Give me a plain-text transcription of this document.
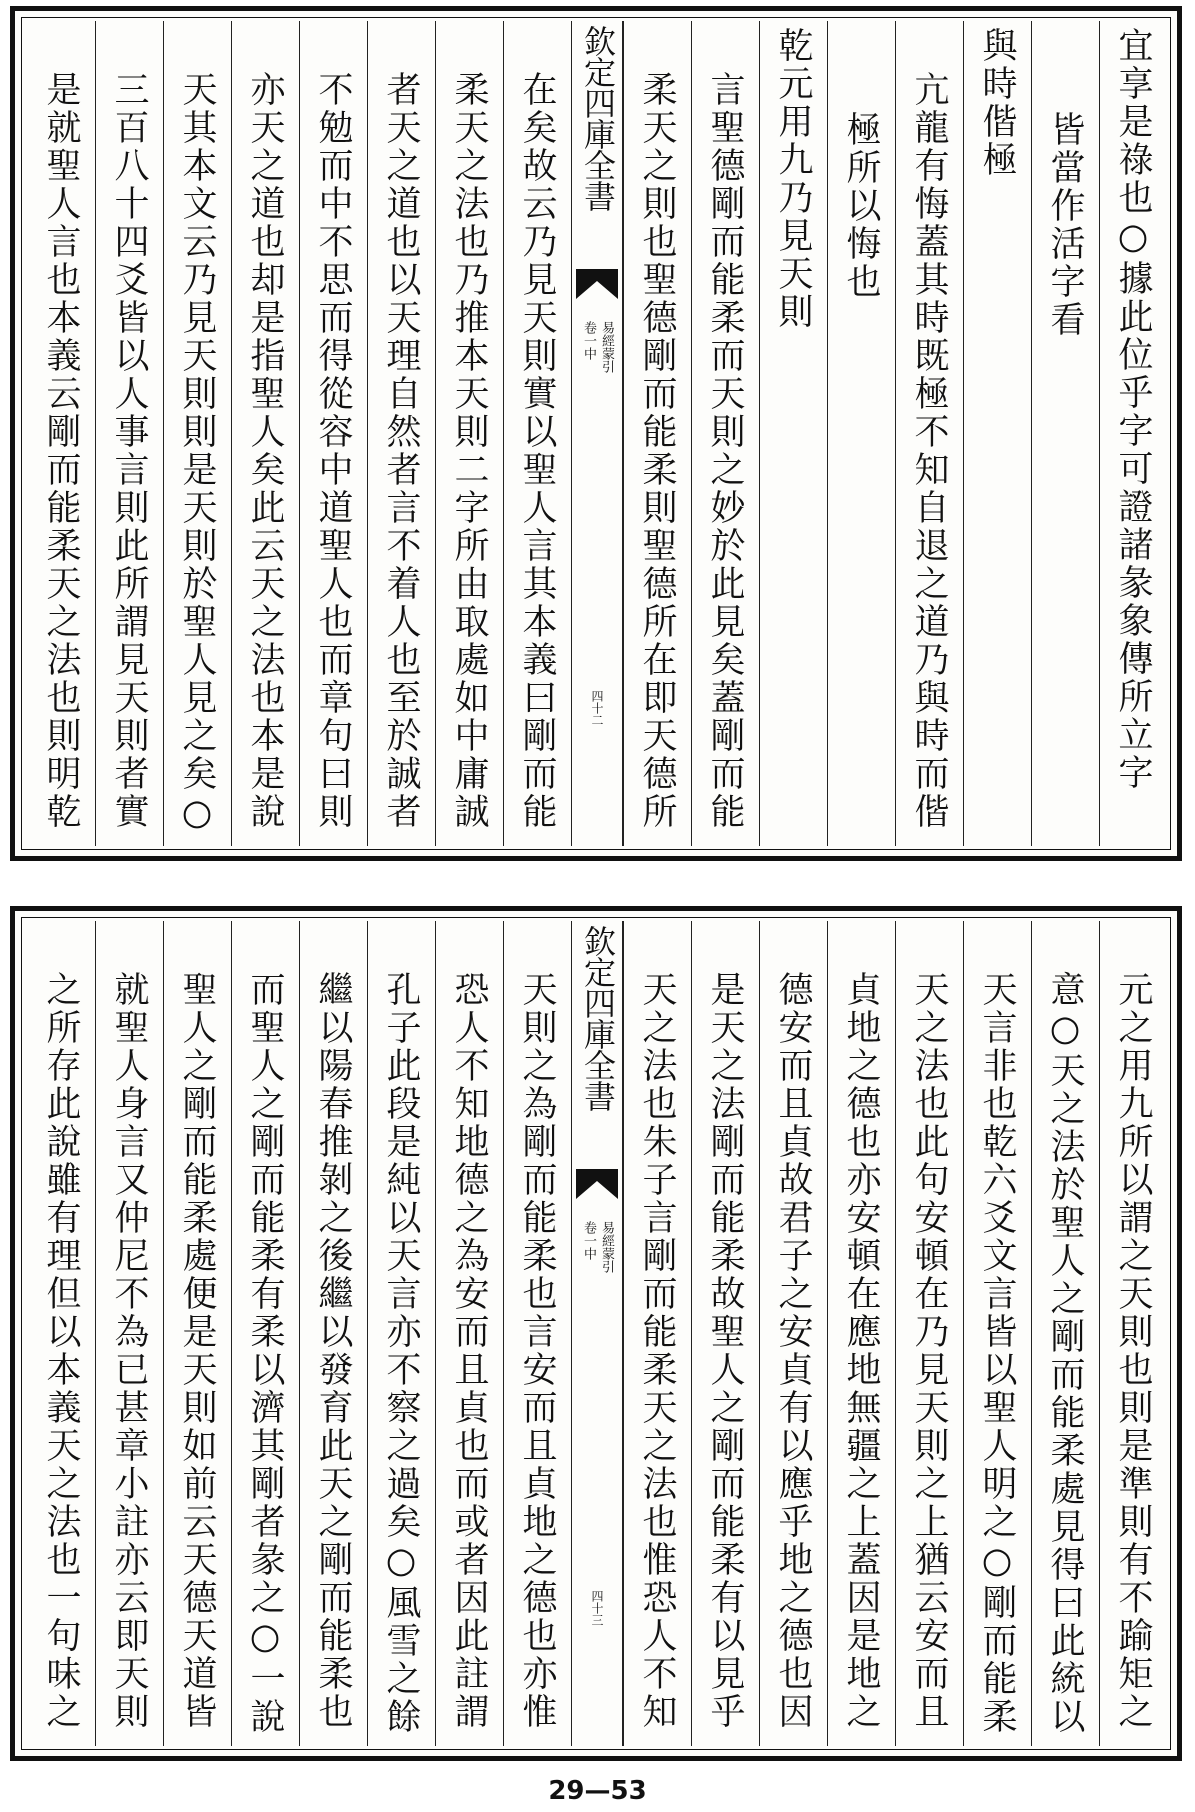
宜享是祿也○據此位乎字可證諸彖象傳所立字
皆當作活字看
與時偕極
亢龍有悔蓋其時既極不知自退之道乃與時而偕
極所以悔也
乾元用九乃見天則
言聖德剛而能柔而天則之妙於此見矣蓋剛而能
柔天之則也聖德剛而能柔則聖德所在即天德所
欽定四庫全書
易經蒙引
卷一中
四十二
在矣故云乃見天則實以聖人言其本義曰剛而能
柔天之法也乃推本天則二字所由取處如中庸誠
者天之道也以天理自然者言不着人也至於誠者
不勉而中不思而得從容中道聖人也而章句曰則
亦天之道也却是指聖人矣此云天之法也本是說
天其本文云乃見天則則是天則於聖人見之矣○
三百八十四爻皆以人事言則此所謂見天則者實
是就聖人言也本義云剛而能柔天之法也則明乾
元之用九所以謂之天則也則是準則有不踰矩之
意○天之法於聖人之剛而能柔處見得曰此統以
天言非也乾六爻文言皆以聖人明之○剛而能柔
天之法也此句安頓在乃見天則之上猶云安而且
貞地之德也亦安頓在應地無疆之上蓋因是地之
德安而且貞故君子之安貞有以應乎地之德也因
是天之法剛而能柔故聖人之剛而能柔有以見乎
天之法也朱子言剛而能柔天之法也惟恐人不知
欽定四庫全書
易經蒙引
卷一中
四十三
天則之為剛而能柔也言安而且貞地之德也亦惟
恐人不知地德之為安而且貞也而或者因此註謂
孔子此段是純以天言亦不察之過矣○風雪之餘
繼以陽春推剝之後繼以發育此天之剛而能柔也
而聖人之剛而能柔有柔以濟其剛者彖之○一說
聖人之剛而能柔處便是天則如前云天德天道皆
就聖人身言又仲尼不為已甚章小註亦云即天則
之所存此說雖有理但以本義天之法也一句味之
29—53
